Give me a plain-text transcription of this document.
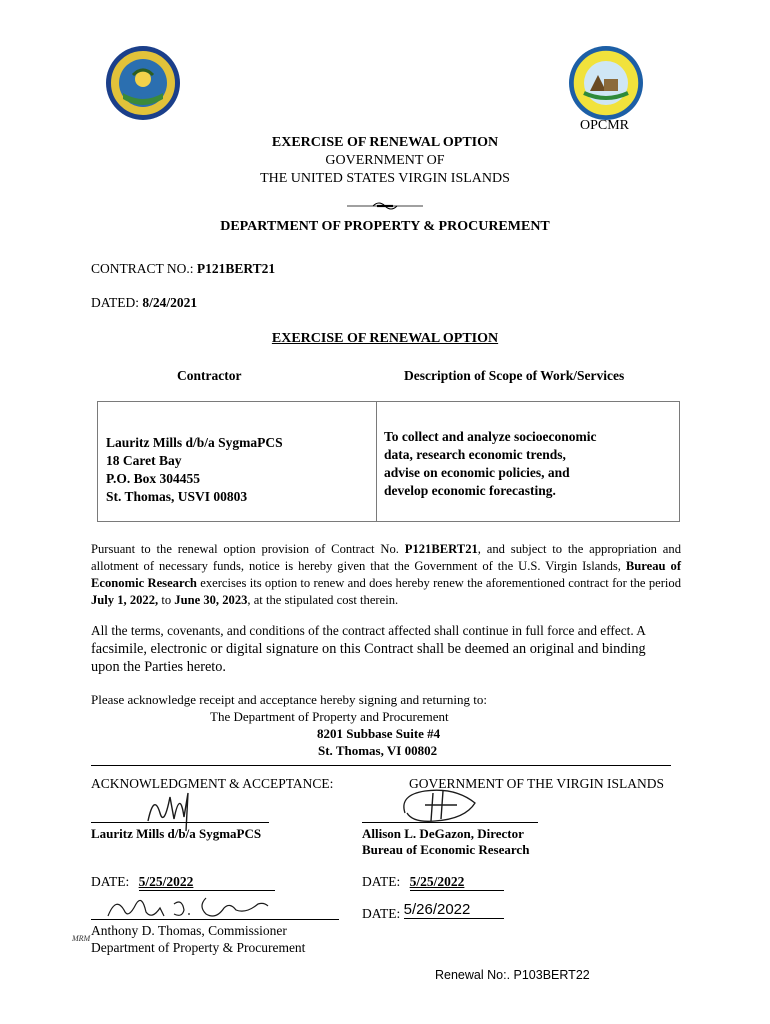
OPCMR
EXERCISE OF RENEWAL OPTION
GOVERNMENT OF
THE UNITED STATES VIRGIN ISLANDS
DEPARTMENT OF PROPERTY & PROCUREMENT
CONTRACT NO.: P121BERT21
DATED: 8/24/2021
EXERCISE OF RENEWAL OPTION
Contractor	Description of Scope of Work/Services
Lauritz Mills d/b/a SygmaPCS
18 Caret Bay
P.O. Box 304455
St. Thomas, USVI 00803
To collect and analyze socioeconomic
data, research economic trends,
advise on economic policies, and
develop economic forecasting.
Pursuant to the renewal option provision of Contract No. P121BERT21, and subject to the appropriation and allotment of necessary funds, notice is hereby given that the Government of the U.S. Virgin Islands, Bureau of Economic Research exercises its option to renew and does hereby renew the aforementioned contract for the period July 1, 2022, to June 30, 2023, at the stipulated cost therein.
All the terms, covenants, and conditions of the contract affected shall continue in full force and effect. A
facsimile, electronic or digital signature on this Contract shall be deemed an original and binding
upon the Parties hereto.
Please acknowledge receipt and acceptance hereby signing and returning to:
The Department of Property and Procurement
8201 Subbase Suite #4
St. Thomas, VI 00802
ACKNOWLEDGMENT & ACCEPTANCE:	GOVERNMENT OF THE VIRGIN ISLANDS
Lauritz Mills d/b/a SygmaPCS	Allison L. DeGazon, Director
Bureau of Economic Research
DATE: 5/25/2022	DATE: 5/25/2022
DATE: 5/26/2022
Anthony D. Thomas, Commissioner
MRM
Department of Property & Procurement
Renewal No:. P103BERT22
